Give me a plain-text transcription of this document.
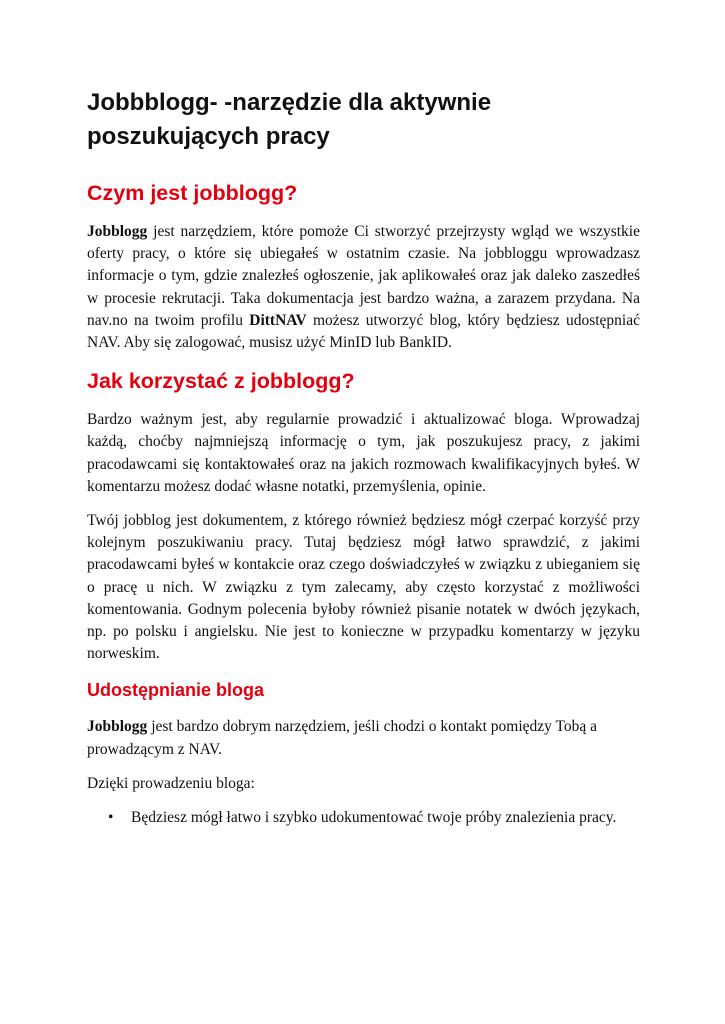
Jobbblogg- -narzędzie dla aktywnie poszukujących pracy
Czym jest jobblogg?

Jobblogg jest narzędziem, które pomoże Ci stworzyć przejrzysty wgląd we wszystkie oferty pracy, o które się ubiegałeś w ostatnim czasie. Na jobbloggu wprowadzasz informacje o tym, gdzie znalezłeś ogłoszenie, jak aplikowałeś oraz jak daleko zaszedłeś w procesie rekrutacji. Taka dokumentacja jest bardzo ważna, a zarazem przydana. Na nav.no na twoim profilu DittNAV możesz utworzyć blog, który będziesz udostępniać NAV. Aby się zalogować, musisz użyć MinID lub BankID.

Jak korzystać z jobblogg?

Bardzo ważnym jest, aby regularnie prowadzić i aktualizować bloga. Wprowadzaj każdą, choćby najmniejszą informację o tym, jak poszukujesz pracy, z jakimi pracodawcami się kontaktowałeś oraz na jakich rozmowach kwalifikacyjnych byłeś. W komentarzu możesz dodać własne notatki, przemyślenia, opinie.

Twój jobblog jest dokumentem, z którego również będziesz mógł czerpać korzyść przy kolejnym poszukiwaniu pracy. Tutaj będziesz mógł łatwo sprawdzić, z jakimi pracodawcami byłeś w kontakcie oraz czego doświadczyłeś w związku z ubieganiem się o pracę u nich. W związku z tym zalecamy, aby często korzystać z możliwości komentowania. Godnym polecenia byłoby również pisanie notatek w dwóch językach, np. po polsku i angielsku. Nie jest to konieczne w przypadku komentarzy w języku norweskim.

Udostępnianie bloga

Jobblogg jest bardzo dobrym narzędziem, jeśli chodzi o kontakt pomiędzy Tobą a prowadzącym z NAV.

Dzięki prowadzeniu bloga:

• Będziesz mógł łatwo i szybko udokumentować twoje próby znalezienia pracy.
